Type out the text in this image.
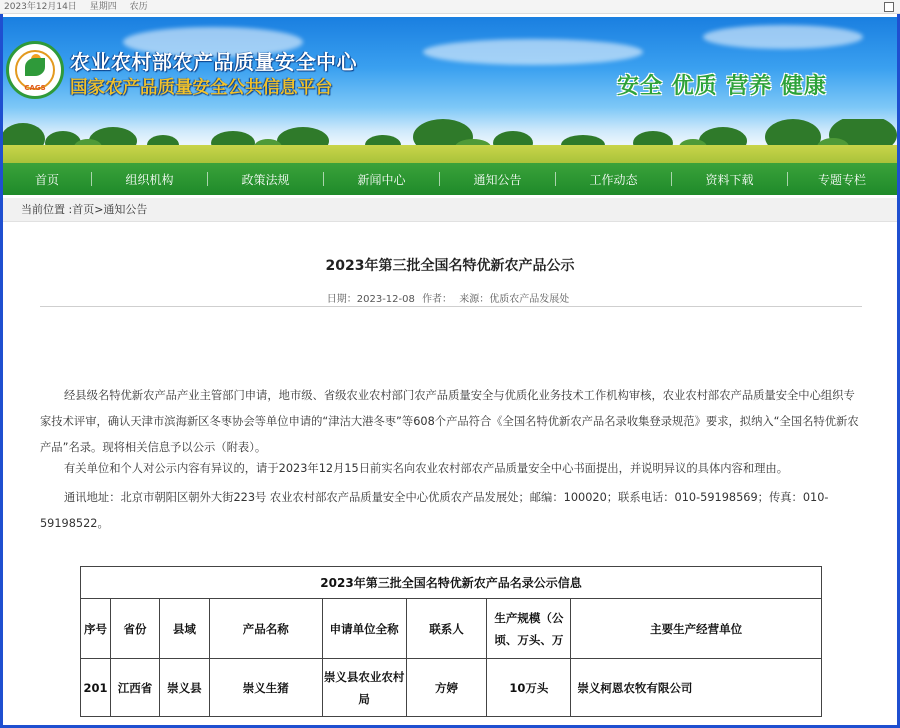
2023年12月14日 星期四 农历
CAGS
农业农村部农产品质量安全中心
国家农产品质量安全公共信息平台	安全 优质 营养 健康
首页	组织机构	政策法规	新闻中心	通知公告	工作动态	资料下载	专题专栏
当前位置 :首页>通知公告
2023年第三批全国名特优新农产品公示
日期：2023-12-08 作者： 来源：优质农产品发展处
经县级名特优新农产品产业主管部门申请，地市级、省级农业农村部门农产品质量安全与优质化业务技术工作机构审核，农业农村部农产品质量安全中心组织专家技术评审，确认天津市滨海新区冬枣协会等单位申请的“津沽大港冬枣”等608个产品符合《全国名特优新农产品名录收集登录规范》要求，拟纳入“全国名特优新农产品”名录。现将相关信息予以公示（附表）。
有关单位和个人对公示内容有异议的，请于2023年12月15日前实名向农业农村部农产品质量安全中心书面提出，并说明异议的具体内容和理由。
通讯地址：北京市朝阳区朝外大街223号 农业农村部农产品质量安全中心优质农产品发展处；邮编：100020；联系电话：010-59198569；传真：010-59198522。
2023年第三批全国名特优新农产品名录公示信息							
序号	省份	县域	产品名称	申请单位全称	联系人	生产规模（公顷、万头、万	主要生产经营单位
201	江西省	崇义县	崇义生猪	崇义县农业农村局	方婷	10万头	崇义柯恩农牧有限公司
